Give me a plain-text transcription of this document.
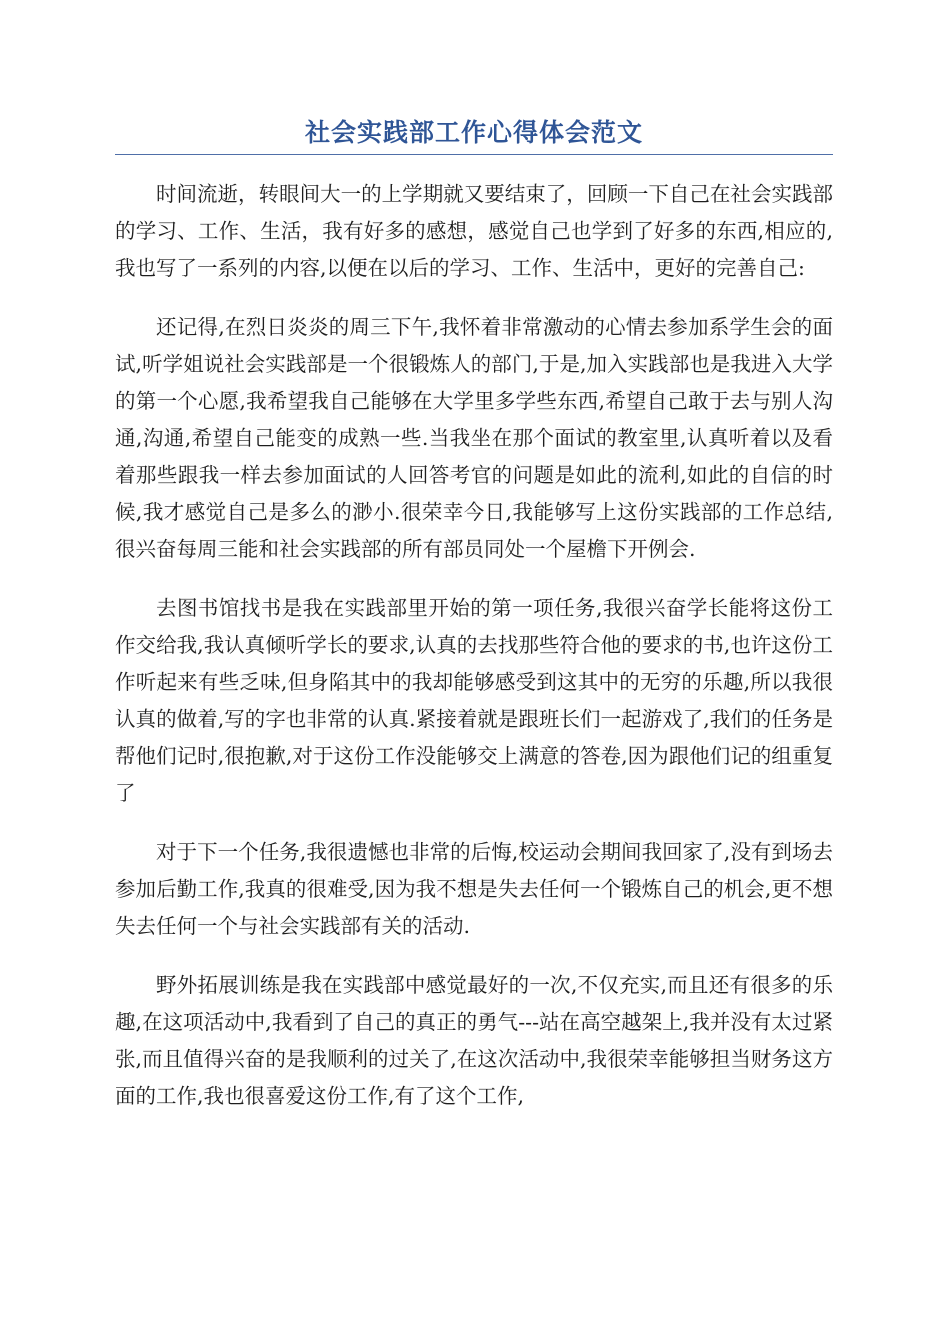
社会实践部工作心得体会范文

时间流逝，转眼间大一的上学期就又要结束了，回顾一下自己在社会实践部的学习、工作、生活，我有好多的感想，感觉自己也学到了好多的东西,相应的,我也写了一系列的内容,以便在以后的学习、工作、生活中，更好的完善自己:

还记得,在烈日炎炎的周三下午,我怀着非常激动的心情去参加系学生会的面试,听学姐说社会实践部是一个很锻炼人的部门,于是,加入实践部也是我进入大学的第一个心愿,我希望我自己能够在大学里多学些东西,希望自己敢于去与别人沟通,沟通,希望自己能变的成熟一些.当我坐在那个面试的教室里,认真听着以及看着那些跟我一样去参加面试的人回答考官的问题是如此的流利,如此的自信的时候,我才感觉自己是多么的渺小.很荣幸今日,我能够写上这份实践部的工作总结,很兴奋每周三能和社会实践部的所有部员同处一个屋檐下开例会.

去图书馆找书是我在实践部里开始的第一项任务,我很兴奋学长能将这份工作交给我,我认真倾听学长的要求,认真的去找那些符合他的要求的书,也许这份工作听起来有些乏味,但身陷其中的我却能够感受到这其中的无穷的乐趣,所以我很认真的做着,写的字也非常的认真.紧接着就是跟班长们一起游戏了,我们的任务是帮他们记时,很抱歉,对于这份工作没能够交上满意的答卷,因为跟他们记的组重复了

对于下一个任务,我很遗憾也非常的后悔,校运动会期间我回家了,没有到场去参加后勤工作,我真的很难受,因为我不想是失去任何一个锻炼自己的机会,更不想失去任何一个与社会实践部有关的活动.

野外拓展训练是我在实践部中感觉最好的一次,不仅充实,而且还有很多的乐趣,在这项活动中,我看到了自己的真正的勇气---站在高空越架上,我并没有太过紧张,而且值得兴奋的是我顺利的过关了,在这次活动中,我很荣幸能够担当财务这方面的工作,我也很喜爱这份工作,有了这个工作,
